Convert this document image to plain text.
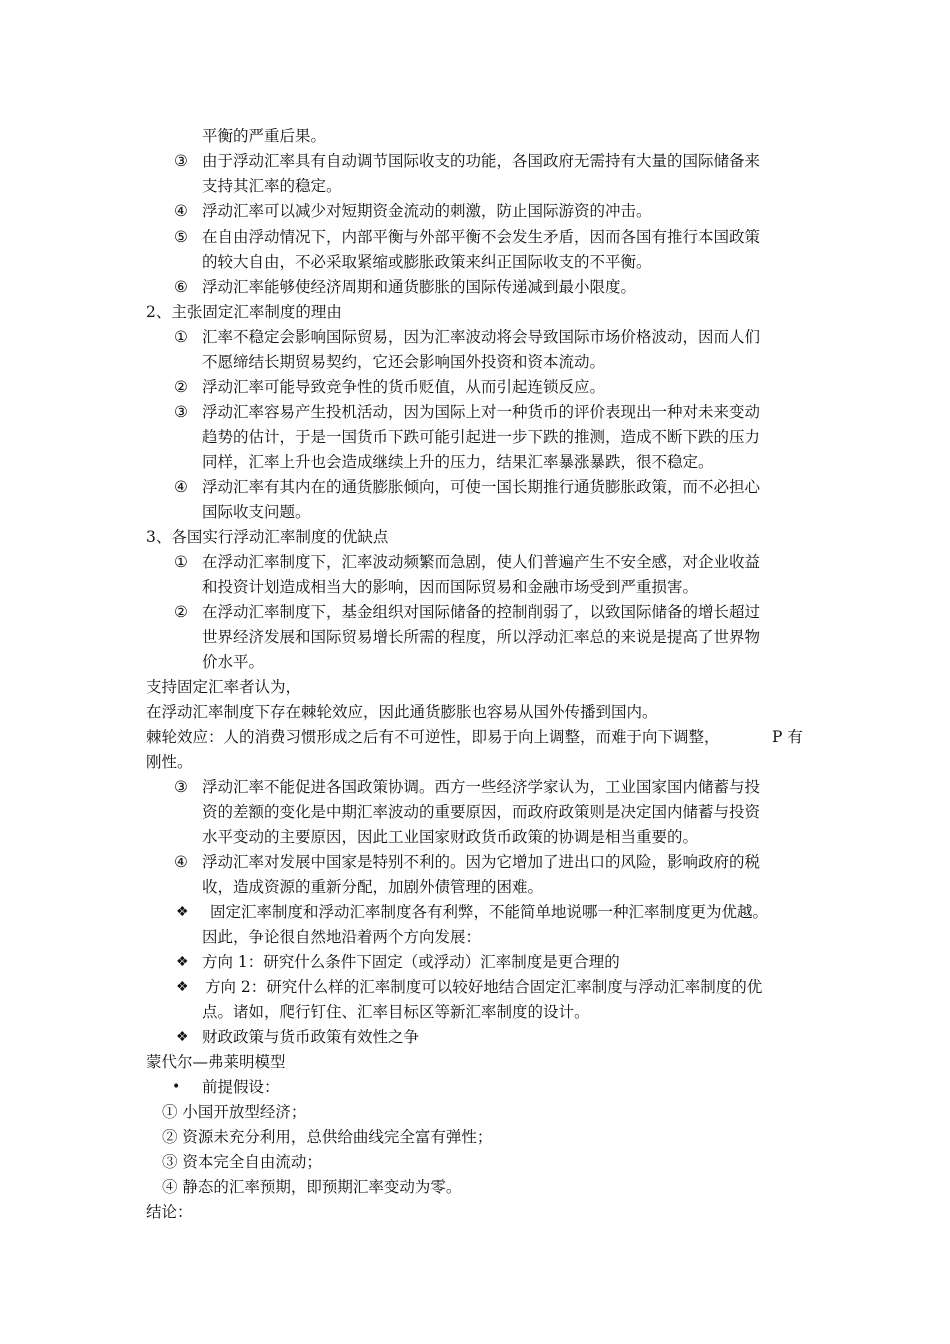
平衡的严重后果。
③ 由于浮动汇率具有自动调节国际收支的功能，各国政府无需持有大量的国际储备来
支持其汇率的稳定。
④ 浮动汇率可以减少对短期资金流动的刺激，防止国际游资的冲击。
⑤ 在自由浮动情况下，内部平衡与外部平衡不会发生矛盾，因而各国有推行本国政策
的较大自由，不必采取紧缩或膨胀政策来纠正国际收支的不平衡。
⑥ 浮动汇率能够使经济周期和通货膨胀的国际传递减到最小限度。
2、主张固定汇率制度的理由
① 汇率不稳定会影响国际贸易，因为汇率波动将会导致国际市场价格波动，因而人们
不愿缔结长期贸易契约，它还会影响国外投资和资本流动。
② 浮动汇率可能导致竞争性的货币贬值，从而引起连锁反应。
③ 浮动汇率容易产生投机活动，因为国际上对一种货币的评价表现出一种对未来变动
趋势的估计，于是一国货币下跌可能引起进一步下跌的推测，造成不断下跌的压力
同样，汇率上升也会造成继续上升的压力，结果汇率暴涨暴跌，很不稳定。
④ 浮动汇率有其内在的通货膨胀倾向，可使一国长期推行通货膨胀政策，而不必担心
国际收支问题。
3、各国实行浮动汇率制度的优缺点
① 在浮动汇率制度下，汇率波动频繁而急剧，使人们普遍产生不安全感，对企业收益
和投资计划造成相当大的影响，因而国际贸易和金融市场受到严重损害。
② 在浮动汇率制度下，基金组织对国际储备的控制削弱了，以致国际储备的增长超过
世界经济发展和国际贸易增长所需的程度，所以浮动汇率总的来说是提高了世界物
价水平。
支持固定汇率者认为，
在浮动汇率制度下存在棘轮效应，因此通货膨胀也容易从国外传播到国内。
棘轮效应：人的消费习惯形成之后有不可逆性，即易于向上调整，而难于向下调整，	P 有
刚性。
③ 浮动汇率不能促进各国政策协调。西方一些经济学家认为，工业国家国内储蓄与投
资的差额的变化是中期汇率波动的重要原因，而政府政策则是决定国内储蓄与投资
水平变动的主要原因，因此工业国家财政货币政策的协调是相当重要的。
④ 浮动汇率对发展中国家是特别不利的。因为它增加了进出口的风险，影响政府的税
收，造成资源的重新分配，加剧外债管理的困难。
❖ 固定汇率制度和浮动汇率制度各有利弊，不能简单地说哪一种汇率制度更为优越。
因此，争论很自然地沿着两个方向发展：
❖ 方向 1：研究什么条件下固定（或浮动）汇率制度是更合理的
❖ 方向 2：研究什么样的汇率制度可以较好地结合固定汇率制度与浮动汇率制度的优
点。诸如，爬行钉住、汇率目标区等新汇率制度的设计。
❖ 财政政策与货币政策有效性之争
蒙代尔—弗莱明模型
• 前提假设：
① 小国开放型经济；
② 资源未充分利用，总供给曲线完全富有弹性；
③ 资本完全自由流动；
④ 静态的汇率预期，即预期汇率变动为零。
结论：
